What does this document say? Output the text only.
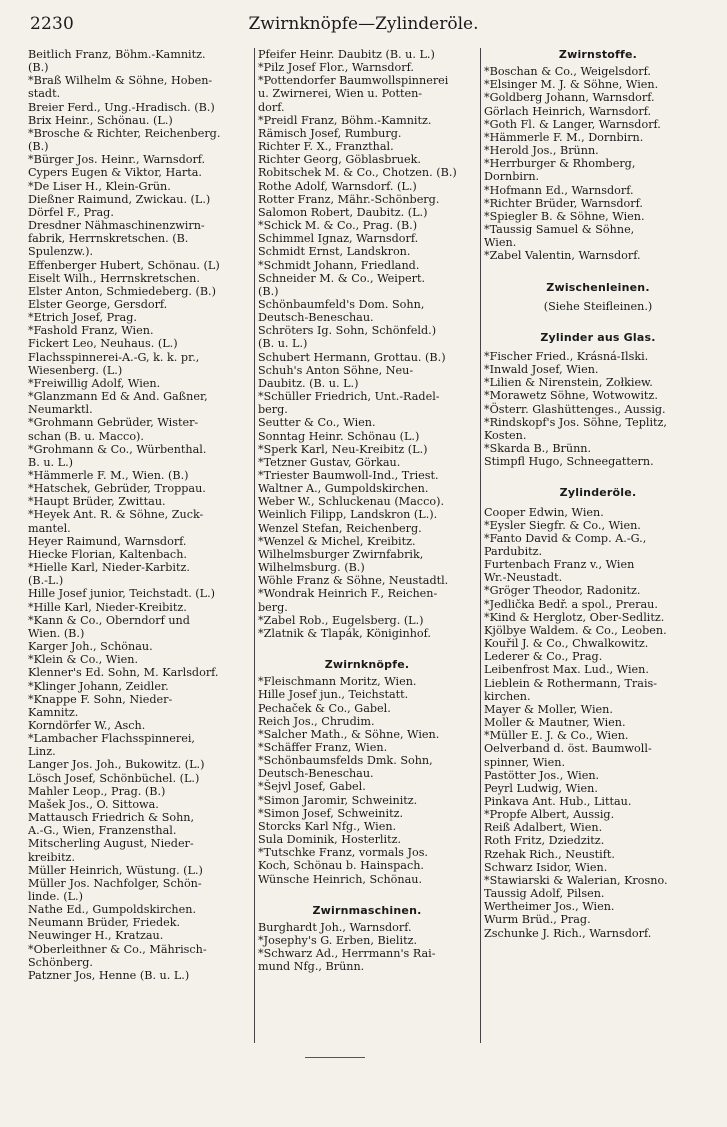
2230	Zwirnknöpfe—Zylinderöle.

Beitlich Franz, Böhm.-Kamnitz.

(B.)

*Braß Wilhelm & Söhne, Hoben-

stadt.

Breier Ferd., Ung.-Hradisch. (B.)

Brix Heinr., Schönau. (L.)

*Brosche & Richter, Reichenberg.

(B.)

*Bürger Jos. Heinr., Warnsdorf.

Cypers Eugen & Viktor, Harta.

*De Liser H., Klein-Grün.

Dießner Raimund, Zwickau. (L.)

Dörfel F., Prag.

Dresdner Nähmaschinenzwirn-

fabrik, Herrnskretschen. (B.

Spulenzw.).

Effenberger Hubert, Schönau. (L)

Eiselt Wilh., Herrnskretschen.

Elster Anton, Schmiedeberg. (B.)

Elster George, Gersdorf.

*Etrich Josef, Prag.

*Fashold Franz, Wien.

Fickert Leo, Neuhaus. (L.)

Flachsspinnerei-A.-G, k. k. pr.,

Wiesenberg. (L.)

*Freiwillig Adolf, Wien.

*Glanzmann Ed & And. Gaßner,

Neumarktl.

*Grohmann Gebrüder, Wister-

schan (B. u. Macco).

*Grohmann & Co., Würbenthal.

B. u. L.)

*Hämmerle F. M., Wien. (B.)

*Hatschek, Gebrüder, Troppau.

*Haupt Brüder, Zwittau.

*Heyek Ant. R. & Söhne, Zuck-

mantel.

Heyer Raimund, Warnsdorf.

Hiecke Florian, Kaltenbach.

*Hielle Karl, Nieder-Karbitz.

(B.-L.)

Hille Josef junior, Teichstadt. (L.)

*Hille Karl, Nieder-Kreibitz.

*Kann & Co., Oberndorf und

Wien. (B.)

Karger Joh., Schönau.

*Klein & Co., Wien.

Klenner's Ed. Sohn, M. Karlsdorf.

*Klinger Johann, Zeidler.

*Knappe F. Sohn, Nieder-

Kamnitz.

Korndörfer W., Asch.

*Lambacher Flachsspinnerei,

Linz.

Langer Jos. Joh., Bukowitz. (L.)

Lösch Josef, Schönbüchel. (L.)

Mahler Leop., Prag. (B.)

Mašek Jos., O. Sittowa.

Mattausch Friedrich & Sohn,

A.-G., Wien, Franzensthal.

Mitscherling August, Nieder-

kreibitz.

Müller Heinrich, Wüstung. (L.)

Müller Jos. Nachfolger, Schön-

linde. (L.)

Nathe Ed., Gumpoldskirchen.

Neumann Brüder, Friedek.

Neuwinger H., Kratzau.

*Oberleithner & Co., Mährisch-

Schönberg.

Patzner Jos, Henne (B. u. L.)

Pfeifer Heinr. Daubitz (B. u. L.)

*Pilz Josef Flor., Warnsdorf.

*Pottendorfer Baumwollspinnerei

u. Zwirnerei, Wien u. Potten-

dorf.

*Preidl Franz, Böhm.-Kamnitz.

Rämisch Josef, Rumburg.

Richter F. X., Franzthal.

Richter Georg, Göblasbruek.

Robitschek M. & Co., Chotzen. (B.)

Rothe Adolf, Warnsdorf. (L.)

Rotter Franz, Mähr.-Schönberg.

Salomon Robert, Daubitz. (L.)

*Schick M. & Co., Prag. (B.)

Schimmel Ignaz, Warnsdorf.

Schmidt Ernst, Landskron.

*Schmidt Johann, Friedland.

Schneider M. & Co., Weipert.

(B.)

Schönbaumfeld's Dom. Sohn,

Deutsch-Beneschau.

Schröters Ig. Sohn, Schönfeld.)

(B. u. L.)

Schubert Hermann, Grottau. (B.)

Schuh's Anton Söhne, Neu-

Daubitz. (B. u. L.)

*Schüller Friedrich, Unt.-Radel-

berg.

Seutter & Co., Wien.

Sonntag Heinr. Schönau (L.)

*Sperk Karl, Neu-Kreibitz (L.)

*Tetzner Gustav, Görkau.

*Triester Baumwoll-Ind., Triest.

Waltner A., Gumpoldskirchen.

Weber W., Schluckenau (Macco).

Weinlich Filipp, Landskron (L.).

Wenzel Stefan, Reichenberg.

*Wenzel & Michel, Kreibitz.

Wilhelmsburger Zwirnfabrik,

Wilhelmsburg. (B.)

Wöhle Franz & Söhne, Neustadtl.

*Wondrak Heinrich F., Reichen-

berg.

*Zabel Rob., Eugelsberg. (L.)

*Zlatnik & Tlapák, Königinhof.

Zwirnknöpfe.

*Fleischmann Moritz, Wien.

Hille Josef jun., Teichstatt.

Pechaček & Co., Gabel.

Reich Jos., Chrudim.

*Salcher Math., & Söhne, Wien.

*Schäffer Franz, Wien.

*Schönbaumsfelds Dmk. Sohn,

Deutsch-Beneschau.

*Šejvl Josef, Gabel.

*Simon Jaromir, Schweinitz.

*Simon Josef, Schweinitz.

Storcks Karl Nfg., Wien.

Sula Dominik, Hosterlitz.

*Tutschke Franz, vormals Jos.

Koch, Schönau b. Hainspach.

Wünsche Heinrich, Schönau.

Zwirnmaschinen.

Burghardt Joh., Warnsdorf.

*Josephy's G. Erben, Bielitz.

*Schwarz Ad., Herrmann's Rai-

mund Nfg., Brünn.

Zwirnstoffe.

*Boschan & Co., Weigelsdorf.

*Elsinger M. J. & Söhne, Wien.

*Goldberg Johann, Warnsdorf.

Görlach Heinrich, Warnsdorf.

*Goth Fl. & Langer, Warnsdorf.

*Hämmerle F. M., Dornbirn.

*Herold Jos., Brünn.

*Herrburger & Rhomberg,

Dornbirn.

*Hofmann Ed., Warnsdorf.

*Richter Brüder, Warnsdorf.

*Spiegler B. & Söhne, Wien.

*Taussig Samuel & Söhne,

Wien.

*Zabel Valentin, Warnsdorf.

Zwischenleinen.

(Siehe Steifleinen.)

Zylinder aus Glas.

*Fischer Fried., Krásná-Ilski.

*Inwald Josef, Wien.

*Lilien & Nirenstein, Zołkiew.

*Morawetz Söhne, Wotwowitz.

*Österr. Glashüttenges., Aussig.

*Rindskopf's Jos. Söhne, Teplitz,

Kosten.

*Skarda B., Brünn.

Stimpfl Hugo, Schneegattern.

Zylinderöle.

Cooper Edwin, Wien.

*Eysler Siegfr. & Co., Wien.

*Fanto David & Comp. A.-G.,

Pardubitz.

Furtenbach Franz v., Wien

Wr.-Neustadt.

*Gröger Theodor, Radonitz.

*Jedlička Bedř. a spol., Prerau.

*Kind & Herglotz, Ober-Sedlitz.

Kjölbye Waldem. & Co., Leoben.

Kouřil J. & Co., Chwalkowitz.

Lederer & Co., Prag.

Leibenfrost Max. Lud., Wien.

Lieblein & Rothermann, Trais-

kirchen.

Mayer & Moller, Wien.

Moller & Mautner, Wien.

*Müller E. J. & Co., Wien.

Oelverband d. öst. Baumwoll-

spinner, Wien.

Pastötter Jos., Wien.

Peyrl Ludwig, Wien.

Pinkava Ant. Hub., Littau.

*Propfe Albert, Aussig.

Reiß Adalbert, Wien.

Roth Fritz, Dziedzitz.

Rzehak Rich., Neustift.

Schwarz Isidor, Wien.

*Stawiarski & Walerian, Krosno.

Taussig Adolf, Pilsen.

Wertheimer Jos., Wien.

Wurm Brüd., Prag.

Zschunke J. Rich., Warnsdorf.
